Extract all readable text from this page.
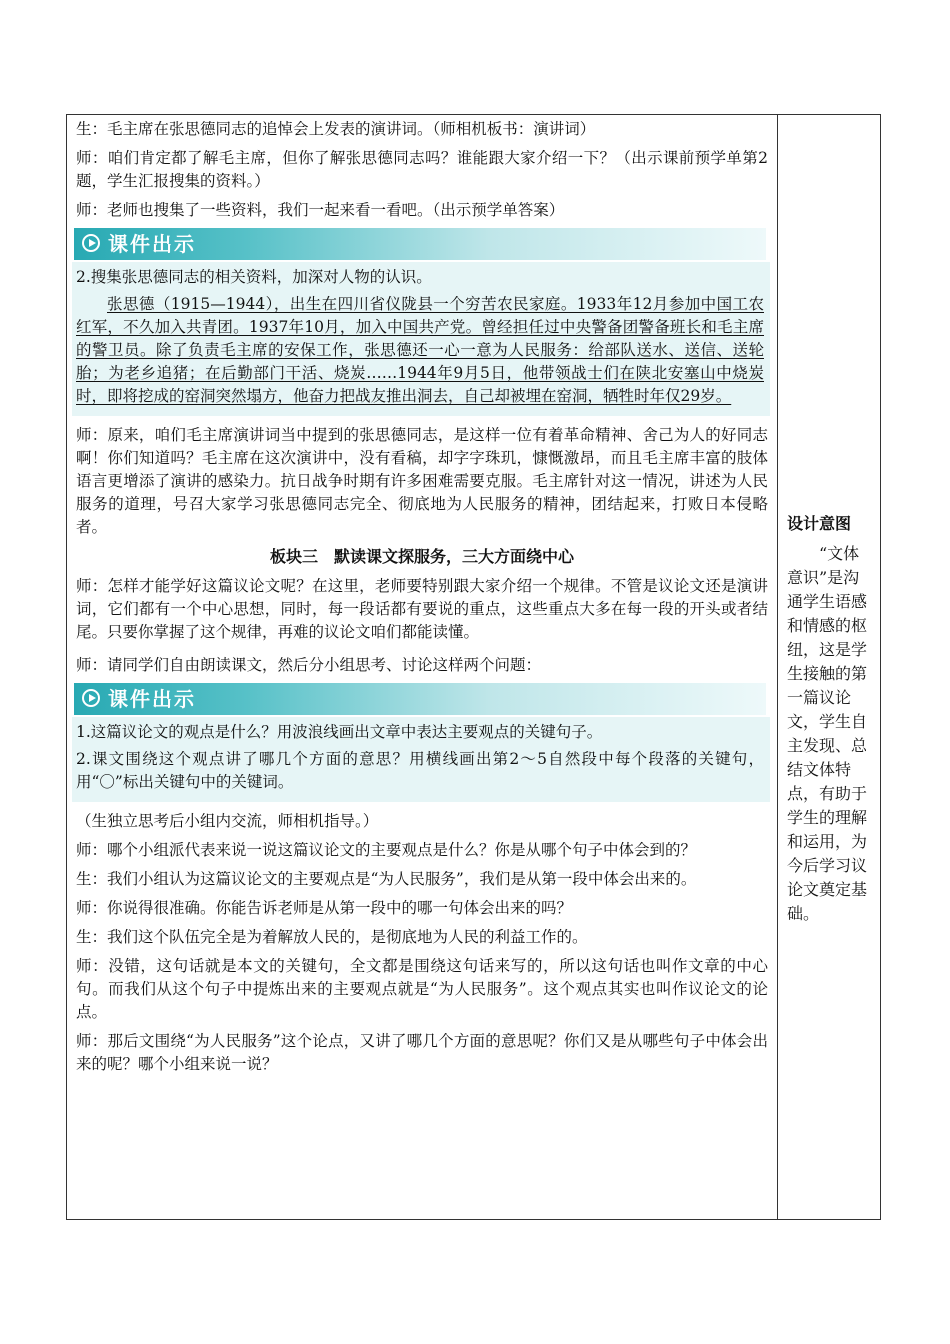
生：毛主席在张思德同志的追悼会上发表的演讲词。（师相机板书：演讲词）

师：咱们肯定都了解毛主席，但你了解张思德同志吗？谁能跟大家介绍一下？（出示课前预学单第2题，学生汇报搜集的资料。）

师：老师也搜集了一些资料，我们一起来看一看吧。（出示预学单答案）

课件出示

2.搜集张思德同志的相关资料，加深对人物的认识。

张思德（1915—1944），出生在四川省仪陇县一个穷苦农民家庭。1933年12月参加中国工农红军，不久加入共青团。1937年10月，加入中国共产党。曾经担任过中央警备团警备班长和毛主席的警卫员。除了负责毛主席的安保工作，张思德还一心一意为人民服务：给部队送水、送信、送轮胎；为老乡追猪；在后勤部门干活、烧炭……1944年9月5日，他带领战士们在陕北安塞山中烧炭时，即将挖成的窑洞突然塌方，他奋力把战友推出洞去，自己却被埋在窑洞，牺牲时年仅29岁。

师：原来，咱们毛主席演讲词当中提到的张思德同志，是这样一位有着革命精神、舍己为人的好同志啊！你们知道吗？毛主席在这次演讲中，没有看稿，却字字珠玑，慷慨激昂，而且毛主席丰富的肢体语言更增添了演讲的感染力。抗日战争时期有许多困难需要克服。毛主席针对这一情况，讲述为人民服务的道理，号召大家学习张思德同志完全、彻底地为人民服务的精神，团结起来，打败日本侵略者。

板块三　默读课文探服务，三大方面绕中心

师：怎样才能学好这篇议论文呢？在这里，老师要特别跟大家介绍一个规律。不管是议论文还是演讲词，它们都有一个中心思想，同时，每一段话都有要说的重点，这些重点大多在每一段的开头或者结尾。只要你掌握了这个规律，再难的议论文咱们都能读懂。

师：请同学们自由朗读课文，然后分小组思考、讨论这样两个问题：

课件出示

1.这篇议论文的观点是什么？用波浪线画出文章中表达主要观点的关键句子。

2.课文围绕这个观点讲了哪几个方面的意思？用横线画出第2～5自然段中每个段落的关键句，用“〇”标出关键句中的关键词。

（生独立思考后小组内交流，师相机指导。）

师：哪个小组派代表来说一说这篇议论文的主要观点是什么？你是从哪个句子中体会到的？

生：我们小组认为这篇议论文的主要观点是“为人民服务”，我们是从第一段中体会出来的。

师：你说得很准确。你能告诉老师是从第一段中的哪一句体会出来的吗？

生：我们这个队伍完全是为着解放人民的，是彻底地为人民的利益工作的。

师：没错，这句话就是本文的关键句，全文都是围绕这句话来写的，所以这句话也叫作文章的中心句。而我们从这个句子中提炼出来的主要观点就是“为人民服务”。这个观点其实也叫作议论文的论点。

师：那后文围绕“为人民服务”这个论点，又讲了哪几个方面的意思呢？你们又是从哪些句子中体会出来的呢？哪个小组来说一说？

设计意图
“文体意识”是沟通学生语感和情感的枢纽，这是学生接触的第一篇议论文，学生自主发现、总结文体特点，有助于学生的理解和运用，为今后学习议论文奠定基础。
